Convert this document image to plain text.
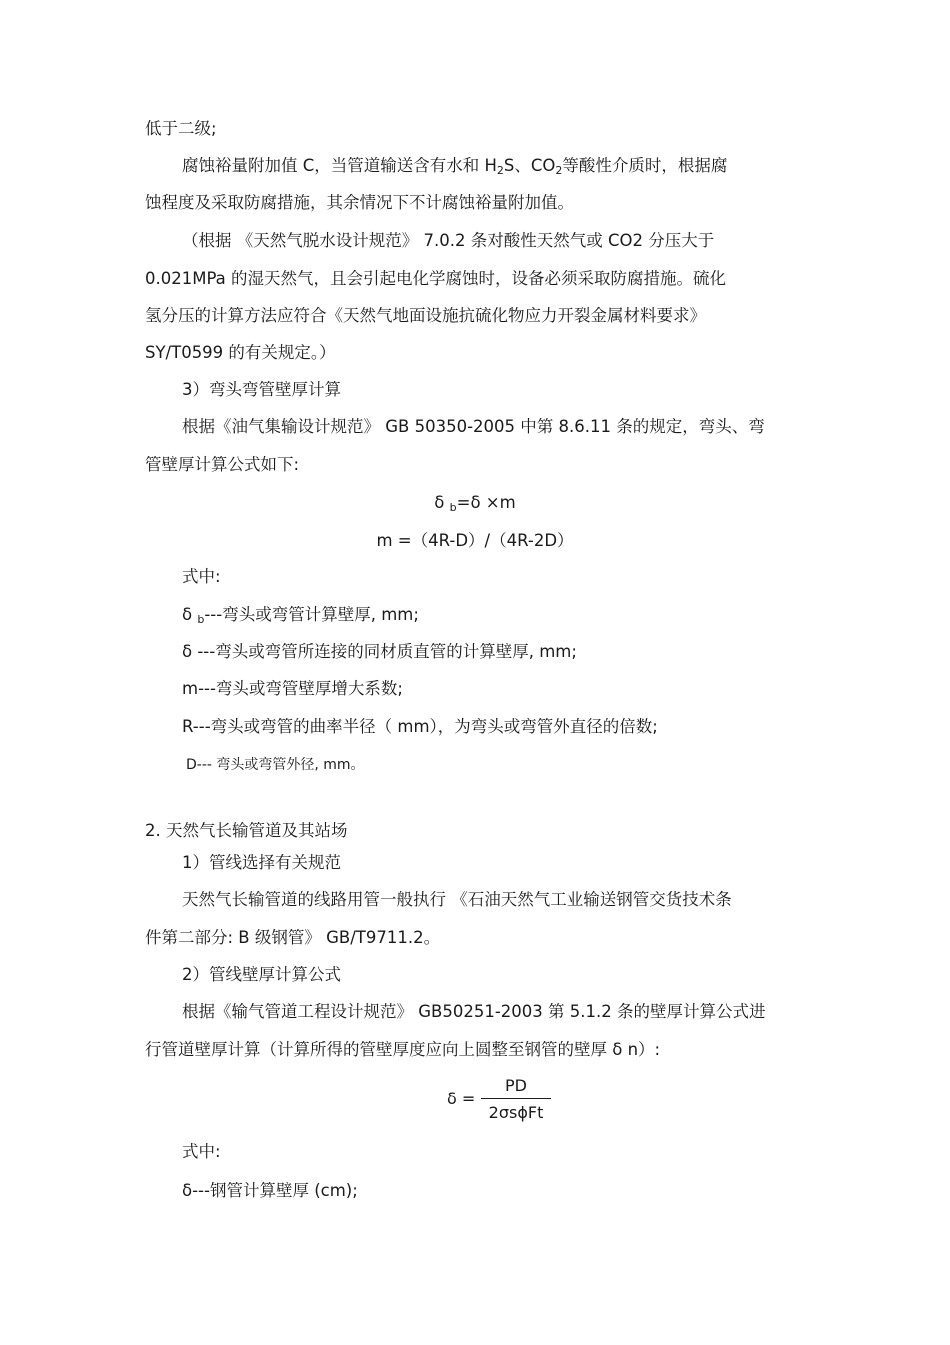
低于二级;
腐蚀裕量附加值 C，当管道输送含有水和 $H_2S$、$CO_2$等酸性介质时，根据腐
蚀程度及采取防腐措施，其余情况下不计腐蚀裕量附加值。
（根据 《天然气脱水设计规范》 7.0.2 条对酸性天然气或 CO2 分压大于
0.021MPa 的湿天然气，且会引起电化学腐蚀时，设备必须采取防腐措施。硫化
氢分压的计算方法应符合《天然气地面设施抗硫化物应力开裂金属材料要求》
SY/T0599 的有关规定。）
3）弯头弯管壁厚计算
根据《油气集输设计规范》 GB 50350-2005 中第 8.6.11 条的规定，弯头、弯
管壁厚计算公式如下:
δ $_b$=δ ×m
m =（4R-D）/（4R-2D）
式中:
δ $_b$---弯头或弯管计算壁厚, mm;
δ ---弯头或弯管所连接的同材质直管的计算壁厚, mm;
m---弯头或弯管壁厚增大系数;
R---弯头或弯管的曲率半径（ mm），为弯头或弯管外直径的倍数;
D--- 弯头或弯管外径, mm。
2. 天然气长输管道及其站场
1）管线选择有关规范
天然气长输管道的线路用管一般执行 《石油天然气工业输送钢管交货技术条
件第二部分: B 级钢管》 GB/T9711.2。
2）管线壁厚计算公式
根据《输气管道工程设计规范》 GB50251-2003 第 5.1.2 条的壁厚计算公式进
行管道壁厚计算（计算所得的管壁厚度应向上圆整至钢管的壁厚 δ n）:
δ =
PD
2σsϕFt
式中:
δ---钢管计算壁厚 (cm);
